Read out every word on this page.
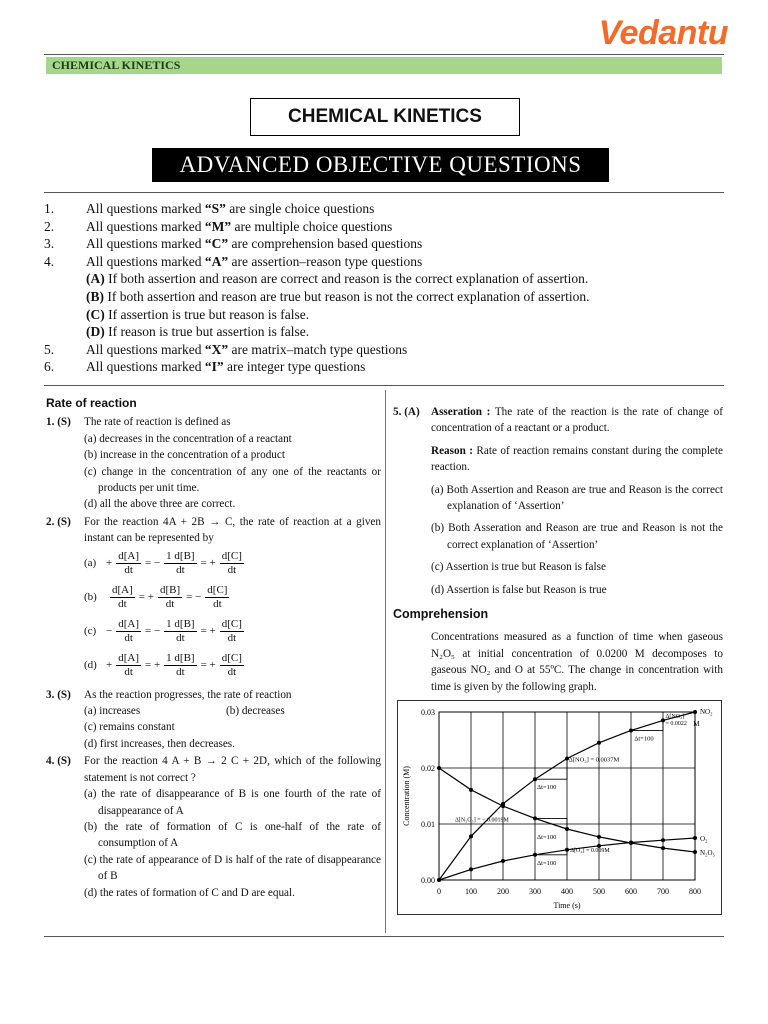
Vedantu
CHEMICAL KINETICS
CHEMICAL KINETICS
ADVANCED OBJECTIVE QUESTIONS
1.	All questions marked “S” are single choice questions
2.	All questions marked “M” are multiple choice questions
3.	All questions marked “C” are comprehension based questions
4.	All questions marked “A” are assertion–reason type questions
(A) If both assertion and reason are correct and reason is the correct explanation of assertion.
(B) If both assertion and reason are true but reason is not the correct explanation of assertion.
(C) If assertion is true but reason is false.
(D) If reason is true but assertion is false.
5.	All questions marked “X” are matrix–match type questions
6.	All questions marked “I” are integer type questions
Rate of reaction
1. (S)	The rate of reaction is defined as
(a) decreases in the concentration of a reactant
(b) increase in the concentration of a product
(c) change in the concentration of any one of the reactants or products per unit time.
(d) all the above three are correct.
2. (S)	For the reaction 4A + 2B → C, the rate of reaction at a given instant can be represented by
$(a) + \frac{d[A]}{dt}$ = − $\frac{1 d[B]}{dt}$ = + $\frac{d[C]}{dt}$
(b)	$\frac{d[A]}{dt}$ = + $\frac{d[B]}{dt}$ = − $\frac{d[C]}{dt}$
$(c) - \frac{d[A]}{dt}$ = − $\frac{1 d[B]}{dt}$ = + $\frac{d[C]}{dt}$
$(d) + \frac{d[A]}{dt}$ = + $\frac{1 d[B]}{dt}$ = + $\frac{d[C]}{dt}$
3. (S)	As the reaction progresses, the rate of reaction
(a) increases	(b) decreases
(c) remains constant
(d) first increases, then decreases.
4. (S)	For the reaction 4 A + B → 2 C + 2D, which of the following statement is not correct ?
(a) the rate of disappearance of B is one fourth of the rate of disappearance of A
(b) the rate of formation of C is one-half of the rate of consumption of A
(c) the rate of appearance of D is half of the rate of disappearance of B
(d) the rates of formation of C and D are equal.
5. (A)	Asseration : The rate of the reaction is the rate of change of concentration of a reactant or a product.
Reason : Rate of reaction remains constant during the complete reaction.
(a) Both Assertion and Reason are true and Reason is the correct explanation of ‘Assertion’
(b) Both Asseration and Reason are true and Reason is not the correct explanation of ‘Assertion’
(c) Assertion is true but Reason is false
(d) Assertion is false but Reason is true
Comprehension
Concentrations measured as a function of time when gaseous N₂O₅ at initial concentration of 0.0200 M decomposes to gaseous NO₂ and O at 55ºC. The change in concentration with time is given by the following graph.
0	100	200	300	400	500	600	700	800
0.00
0.01
0.02
0.03
Time (s)
Concentration (M)
NO₂
O₂
N₂O₅
Δt=100
Δ[NO₂] = 0.0037M
Δt=100
Δ[NO₂]
= 0.0022 M
Δ[N₂O₅] = − 0.0019M
Δt=100
Δ[O₂] = 0.009M
Δt=100
